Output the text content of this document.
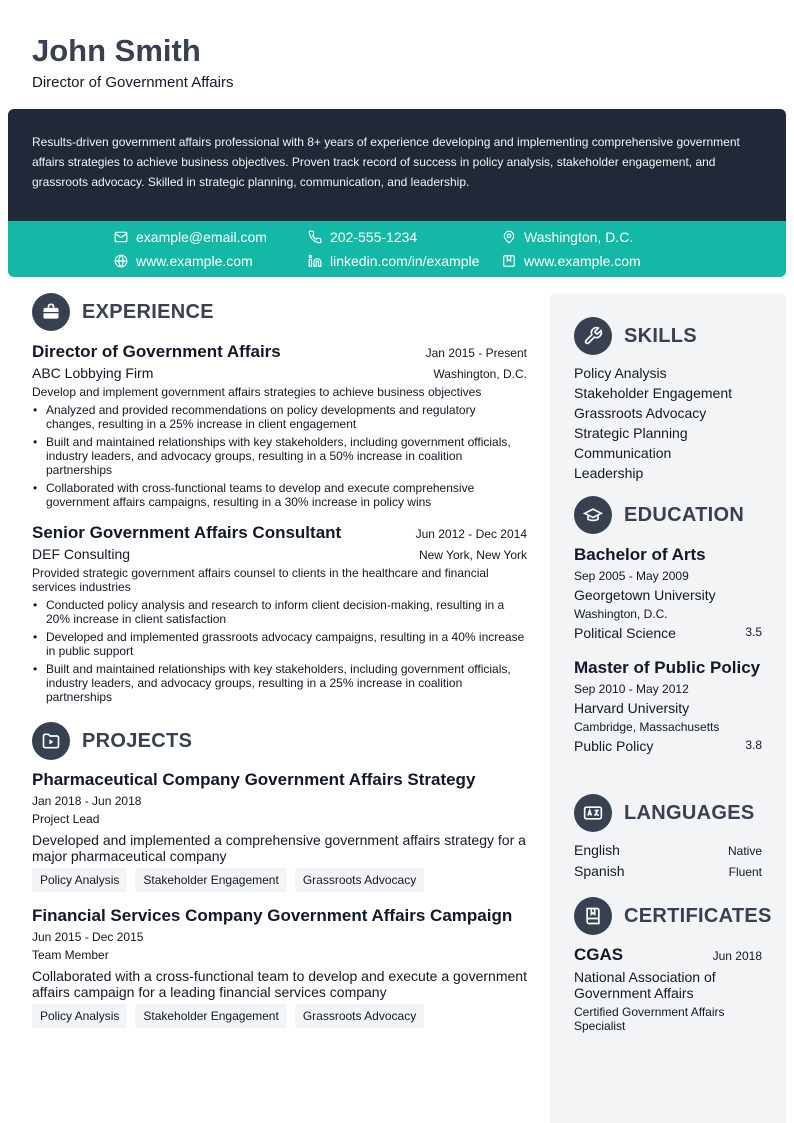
John Smith
Director of Government Affairs

Results-driven government affairs professional with 8+ years of experience developing and implementing comprehensive government affairs strategies to achieve business objectives. Proven track record of success in policy analysis, stakeholder engagement, and grassroots advocacy. Skilled in strategic planning, communication, and leadership.

example@email.com	202-555-1234	Washington, D.C.
www.example.com	linkedin.com/in/example	www.example.com
EXPERIENCE
Director of Government Affairs	Jan 2015 - Present
ABC Lobbying Firm	Washington, D.C.
Develop and implement government affairs strategies to achieve business objectives
• Analyzed and provided recommendations on policy developments and regulatory changes, resulting in a 25% increase in client engagement
• Built and maintained relationships with key stakeholders, including government officials, industry leaders, and advocacy groups, resulting in a 50% increase in coalition partnerships
• Collaborated with cross-functional teams to develop and execute comprehensive government affairs campaigns, resulting in a 30% increase in policy wins
Senior Government Affairs Consultant	Jun 2012 - Dec 2014
DEF Consulting	New York, New York
Provided strategic government affairs counsel to clients in the healthcare and financial services industries
• Conducted policy analysis and research to inform client decision-making, resulting in a 20% increase in client satisfaction
• Developed and implemented grassroots advocacy campaigns, resulting in a 40% increase in public support
• Built and maintained relationships with key stakeholders, including government officials, industry leaders, and advocacy groups, resulting in a 25% increase in coalition partnerships
PROJECTS
Pharmaceutical Company Government Affairs Strategy
Jan 2018 - Jun 2018
Project Lead
Developed and implemented a comprehensive government affairs strategy for a major pharmaceutical company
Policy Analysis	Stakeholder Engagement	Grassroots Advocacy
Financial Services Company Government Affairs Campaign
Jun 2015 - Dec 2015
Team Member
Collaborated with a cross-functional team to develop and execute a government affairs campaign for a leading financial services company
Policy Analysis	Stakeholder Engagement	Grassroots Advocacy
SKILLS
Policy Analysis
Stakeholder Engagement
Grassroots Advocacy
Strategic Planning
Communication
Leadership
EDUCATION
Bachelor of Arts
Sep 2005 - May 2009
Georgetown University
Washington, D.C.
Political Science	3.5
Master of Public Policy
Sep 2010 - May 2012
Harvard University
Cambridge, Massachusetts
Public Policy	3.8
LANGUAGES
English	Native
Spanish	Fluent
CERTIFICATES
CGAS	Jun 2018
National Association of Government Affairs
Certified Government Affairs Specialist
